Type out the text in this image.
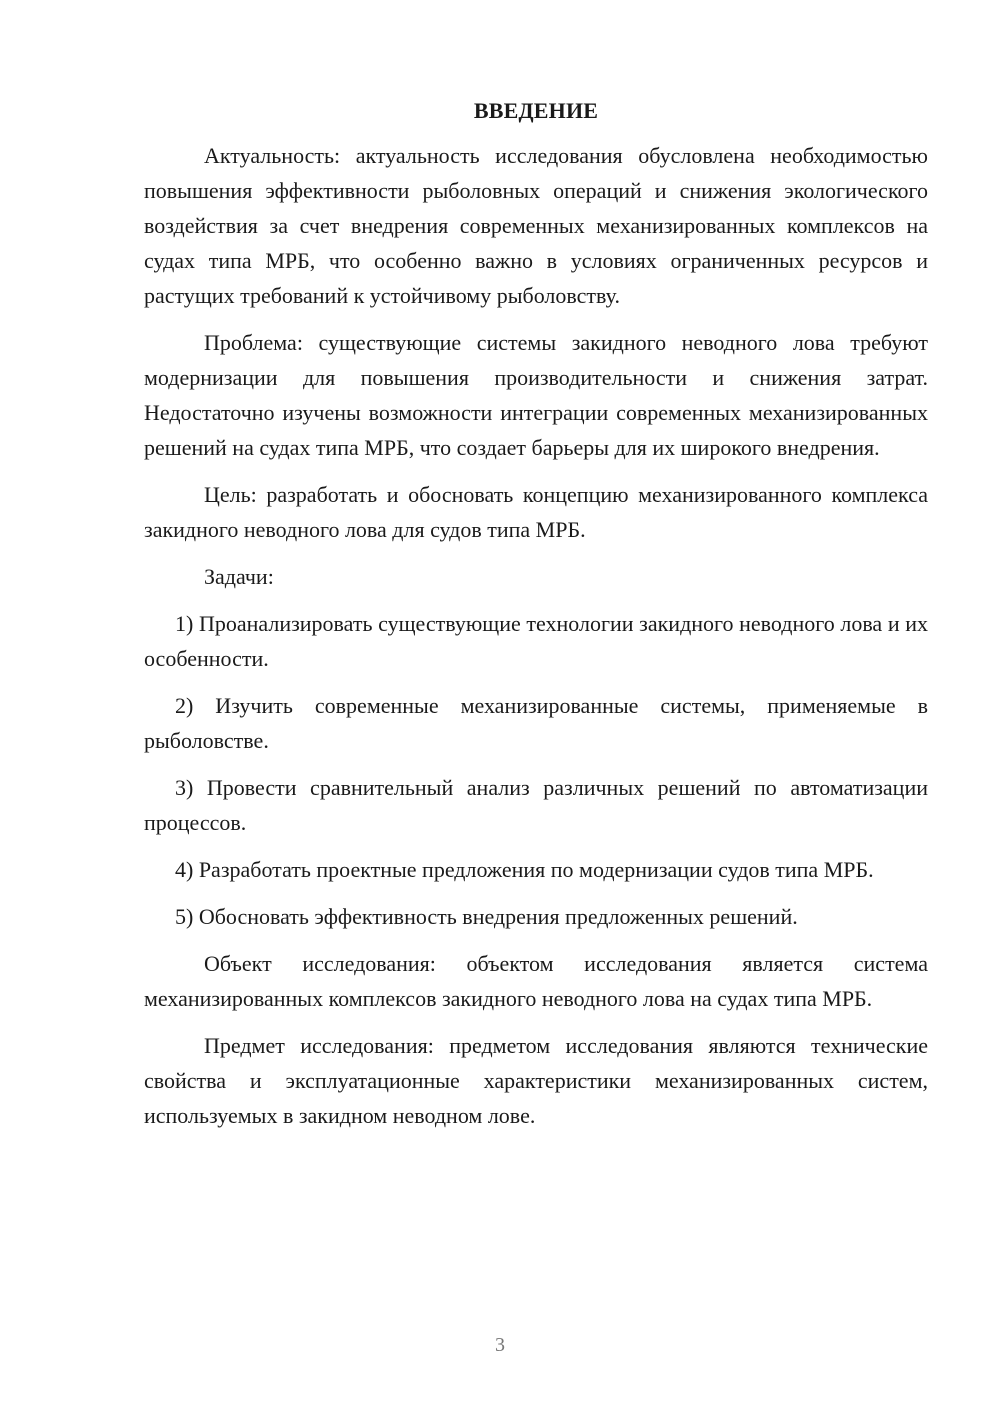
ВВЕДЕНИЕ

Актуальность: актуальность исследования обусловлена необходимостью повышения эффективности рыболовных операций и снижения экологического воздействия за счет внедрения современных механизированных комплексов на судах типа МРБ, что особенно важно в условиях ограниченных ресурсов и растущих требований к устойчивому рыболовству.

Проблема: существующие системы закидного неводного лова требуют модернизации для повышения производительности и снижения затрат. Недостаточно изучены возможности интеграции современных механизированных решений на судах типа МРБ, что создает барьеры для их широкого внедрения.

Цель: разработать и обосновать концепцию механизированного комплекса закидного неводного лова для судов типа МРБ.

Задачи:

1) Проанализировать существующие технологии закидного неводного лова и их особенности.

2) Изучить современные механизированные системы, применяемые в рыболовстве.

3) Провести сравнительный анализ различных решений по автоматизации процессов.

4) Разработать проектные предложения по модернизации судов типа МРБ.

5) Обосновать эффективность внедрения предложенных решений.

Объект исследования: объектом исследования является система механизированных комплексов закидного неводного лова на судах типа МРБ.

Предмет исследования: предметом исследования являются технические свойства и эксплуатационные характеристики механизированных систем, используемых в закидном неводном лове.

3
